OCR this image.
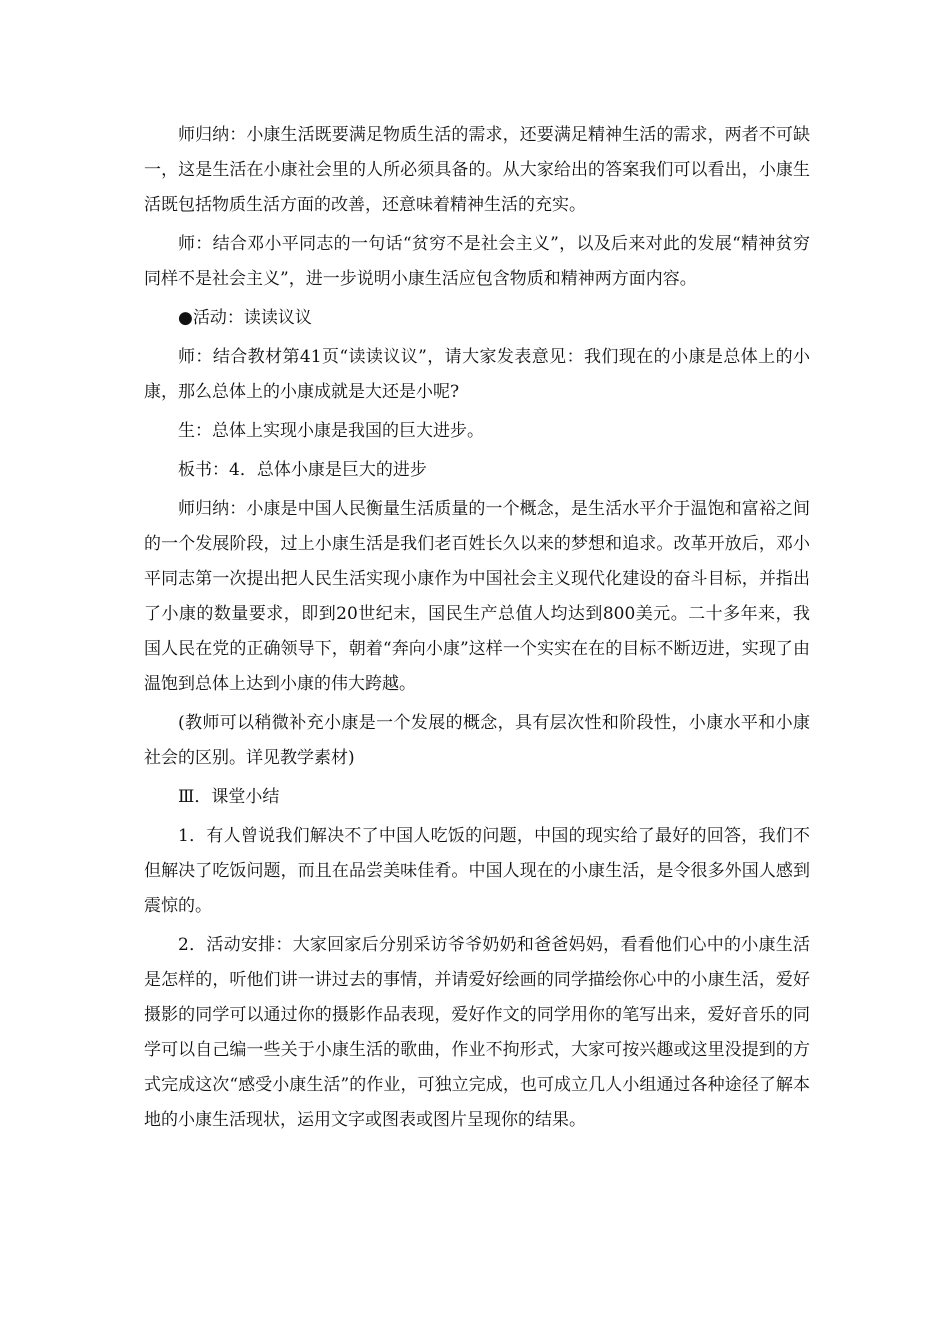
师归纳：小康生活既要满足物质生活的需求，还要满足精神生活的需求，两者不可缺一，这是生活在小康社会里的人所必须具备的。从大家给出的答案我们可以看出，小康生活既包括物质生活方面的改善，还意味着精神生活的充实。

师：结合邓小平同志的一句话“贫穷不是社会主义”，以及后来对此的发展“精神贫穷同样不是社会主义”，进一步说明小康生活应包含物质和精神两方面内容。

●活动：读读议议

师：结合教材第41页“读读议议”，请大家发表意见：我们现在的小康是总体上的小康，那么总体上的小康成就是大还是小呢?

生：总体上实现小康是我国的巨大进步。

板书：4．总体小康是巨大的进步

师归纳：小康是中国人民衡量生活质量的一个概念，是生活水平介于温饱和富裕之间的一个发展阶段，过上小康生活是我们老百姓长久以来的梦想和追求。改革开放后，邓小平同志第一次提出把人民生活实现小康作为中国社会主义现代化建设的奋斗目标，并指出了小康的数量要求，即到20世纪末，国民生产总值人均达到800美元。二十多年来，我国人民在党的正确领导下，朝着“奔向小康”这样一个实实在在的目标不断迈进，实现了由温饱到总体上达到小康的伟大跨越。

(教师可以稍微补充小康是一个发展的概念，具有层次性和阶段性，小康水平和小康社会的区别。详见教学素材)

Ⅲ．课堂小结

1．有人曾说我们解决不了中国人吃饭的问题，中国的现实给了最好的回答，我们不但解决了吃饭问题，而且在品尝美味佳肴。中国人现在的小康生活，是令很多外国人感到震惊的。

2．活动安排：大家回家后分别采访爷爷奶奶和爸爸妈妈，看看他们心中的小康生活是怎样的，听他们讲一讲过去的事情，并请爱好绘画的同学描绘你心中的小康生活，爱好摄影的同学可以通过你的摄影作品表现，爱好作文的同学用你的笔写出来，爱好音乐的同学可以自己编一些关于小康生活的歌曲，作业不拘形式，大家可按兴趣或这里没提到的方式完成这次“感受小康生活”的作业，可独立完成，也可成立几人小组通过各种途径了解本地的小康生活现状，运用文字或图表或图片呈现你的结果。
